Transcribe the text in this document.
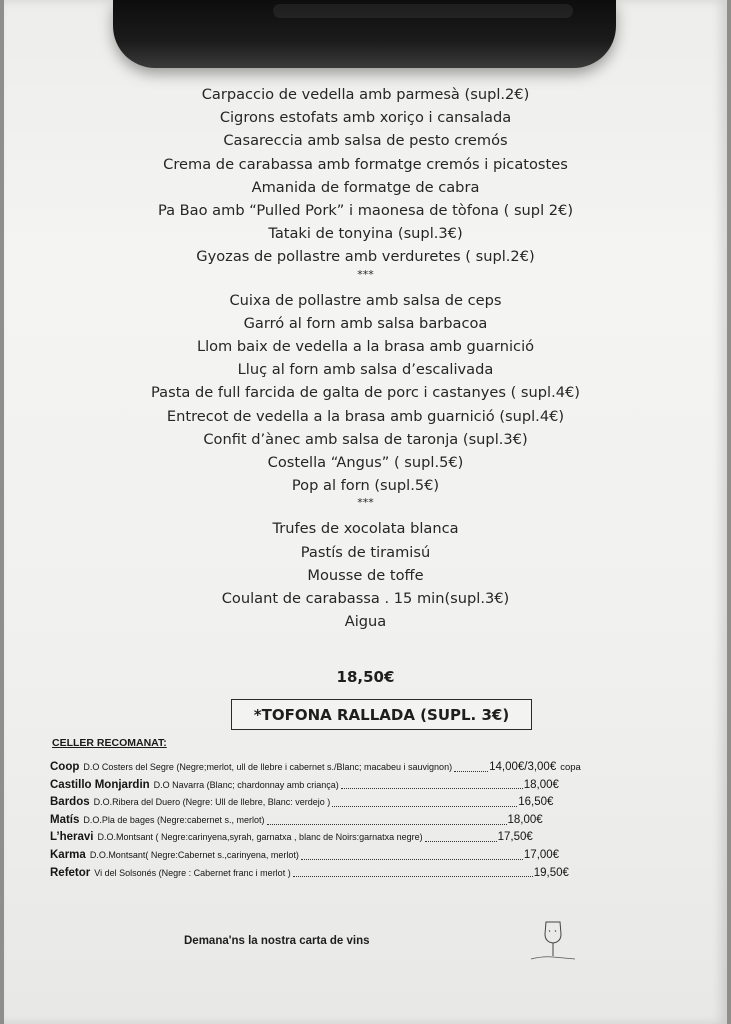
Carpaccio de vedella amb parmesà (supl.2€)
Cigrons estofats amb xoriço i cansalada
Casareccia amb salsa de pesto cremós
Crema de carabassa amb formatge cremós i picatostes
Amanida de formatge de cabra
Pa Bao amb “Pulled Pork” i maonesa de tòfona ( supl 2€)
Tataki de tonyina (supl.3€)
Gyozas de pollastre amb verduretes ( supl.2€)
***
Cuixa de pollastre amb salsa de ceps
Garró al forn amb salsa barbacoa
Llom baix de vedella a la brasa amb guarnició
Lluç al forn amb salsa d’escalivada
Pasta de full farcida de galta de porc i castanyes ( supl.4€)
Entrecot de vedella a la brasa amb guarnició (supl.4€)
Confit d’ànec amb salsa de taronja (supl.3€)
Costella “Angus” ( supl.5€)
Pop al forn (supl.5€)
***
Trufes de xocolata blanca
Pastís de tiramisú
Mousse de toffe
Coulant de carabassa . 15 min(supl.3€)
Aigua
18,50€
*TOFONA RALLADA (SUPL. 3€)
CELLER RECOMANAT:
Coop D.O Costers del Segre (Negre;merlot, ull de llebre i cabernet s./Blanc; macabeu i sauvignon)	14,00€/3,00€ copa
Castillo Monjardin D.O Navarra (Blanc; chardonnay amb criança)	18,00€
Bardos D.O.Ribera del Duero (Negre: Ull de llebre, Blanc: verdejo )	16,50€
Matís D.O.Pla de bages (Negre:cabernet s., merlot)	18,00€
L’heravi D.O.Montsant ( Negre:carinyena,syrah, garnatxa , blanc de Noirs:garnatxa negre)	17,50€
Karma D.O.Montsant( Negre:Cabernet s.,carinyena, merlot)	17,00€
Refetor Vi del Solsonés (Negre : Cabernet franc i merlot )	19,50€
Demana'ns la nostra carta de vins
